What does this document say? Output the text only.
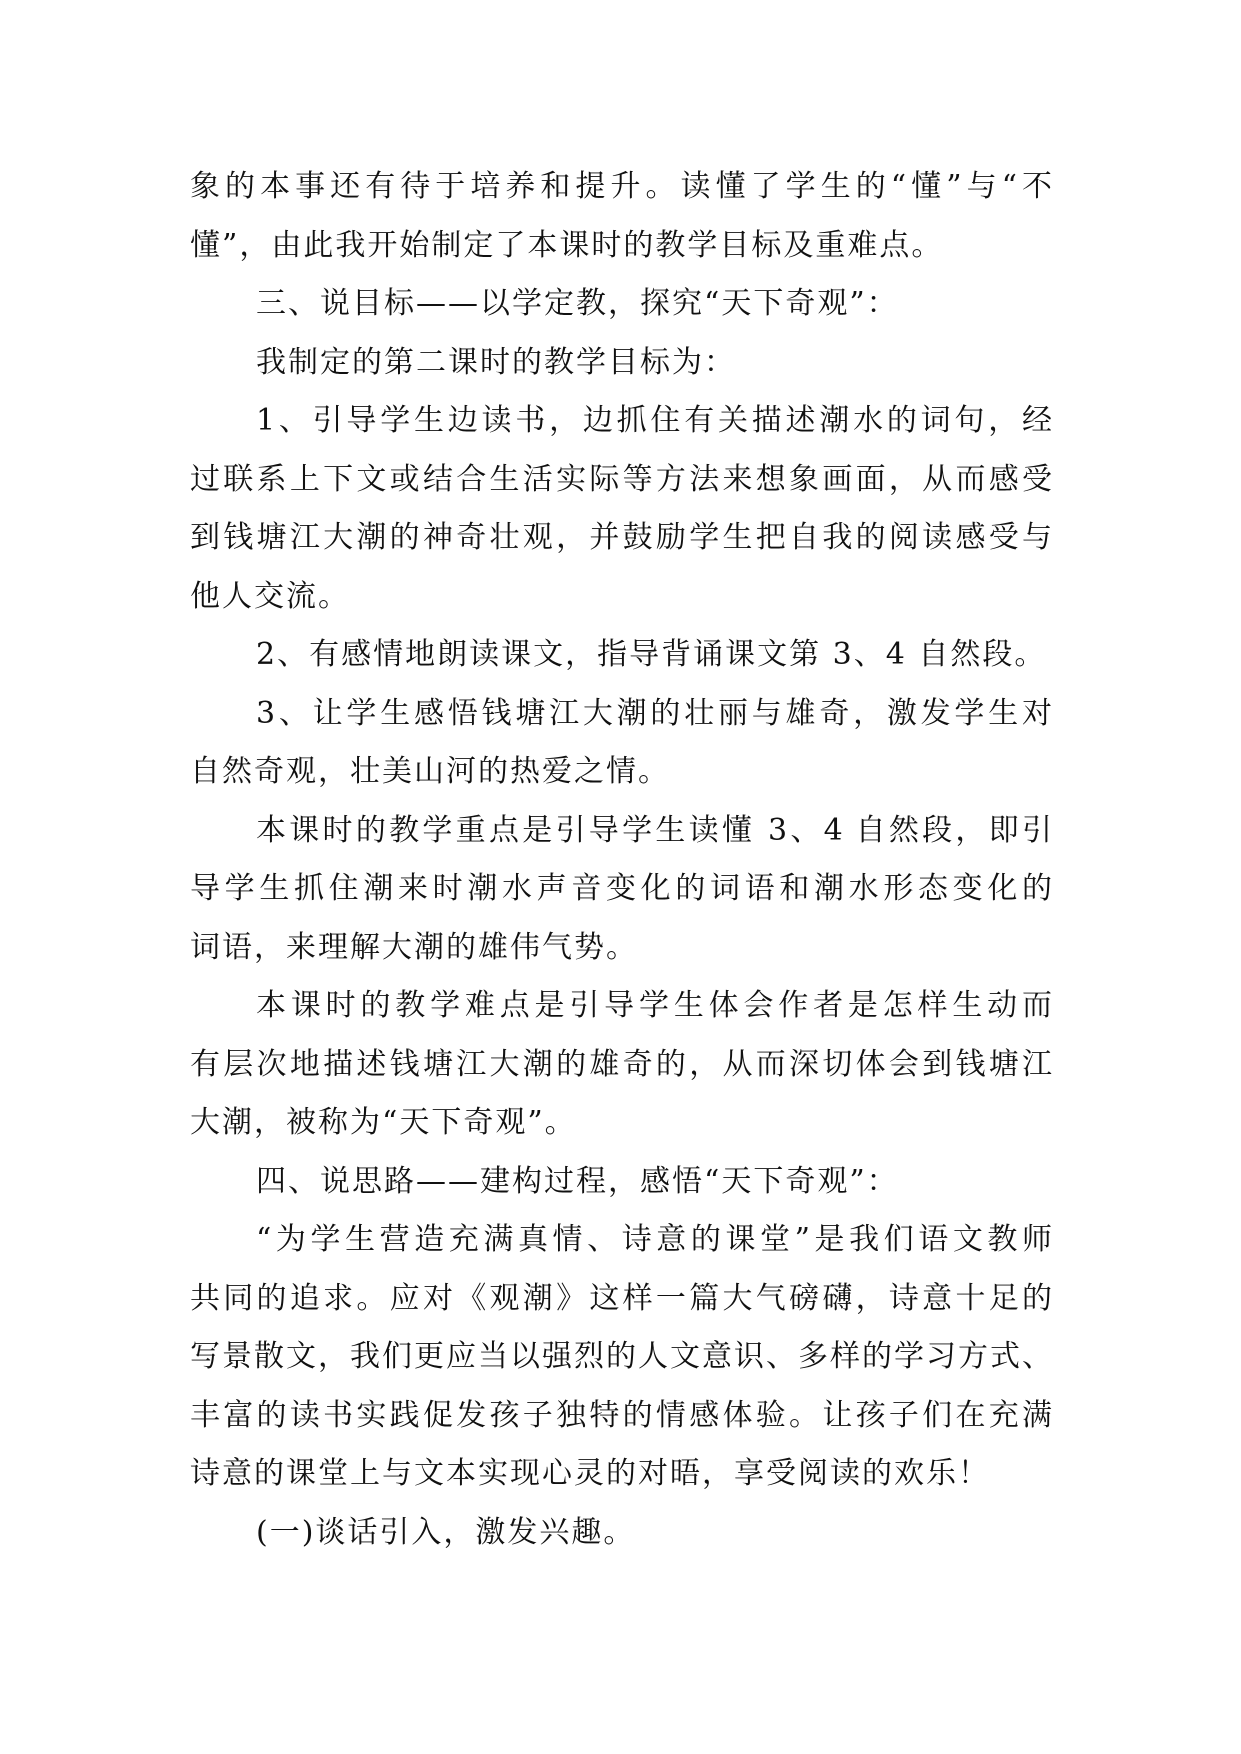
象的本事还有待于培养和提升。读懂了学生的“懂”与“不
懂”，由此我开始制定了本课时的教学目标及重难点。
三、说目标——以学定教，探究“天下奇观”：
我制定的第二课时的教学目标为：
1、引导学生边读书，边抓住有关描述潮水的词句，经
过联系上下文或结合生活实际等方法来想象画面，从而感受
到钱塘江大潮的神奇壮观，并鼓励学生把自我的阅读感受与
他人交流。
2、有感情地朗读课文，指导背诵课文第 3、4 自然段。
3、让学生感悟钱塘江大潮的壮丽与雄奇，激发学生对
自然奇观，壮美山河的热爱之情。
本课时的教学重点是引导学生读懂 3、4 自然段，即引
导学生抓住潮来时潮水声音变化的词语和潮水形态变化的
词语，来理解大潮的雄伟气势。
本课时的教学难点是引导学生体会作者是怎样生动而
有层次地描述钱塘江大潮的雄奇的，从而深切体会到钱塘江
大潮，被称为“天下奇观”。
四、说思路——建构过程，感悟“天下奇观”：
“为学生营造充满真情、诗意的课堂”是我们语文教师
共同的追求。应对《观潮》这样一篇大气磅礴，诗意十足的
写景散文，我们更应当以强烈的人文意识、多样的学习方式、
丰富的读书实践促发孩子独特的情感体验。让孩子们在充满
诗意的课堂上与文本实现心灵的对晤，享受阅读的欢乐！
(一)谈话引入，激发兴趣。
